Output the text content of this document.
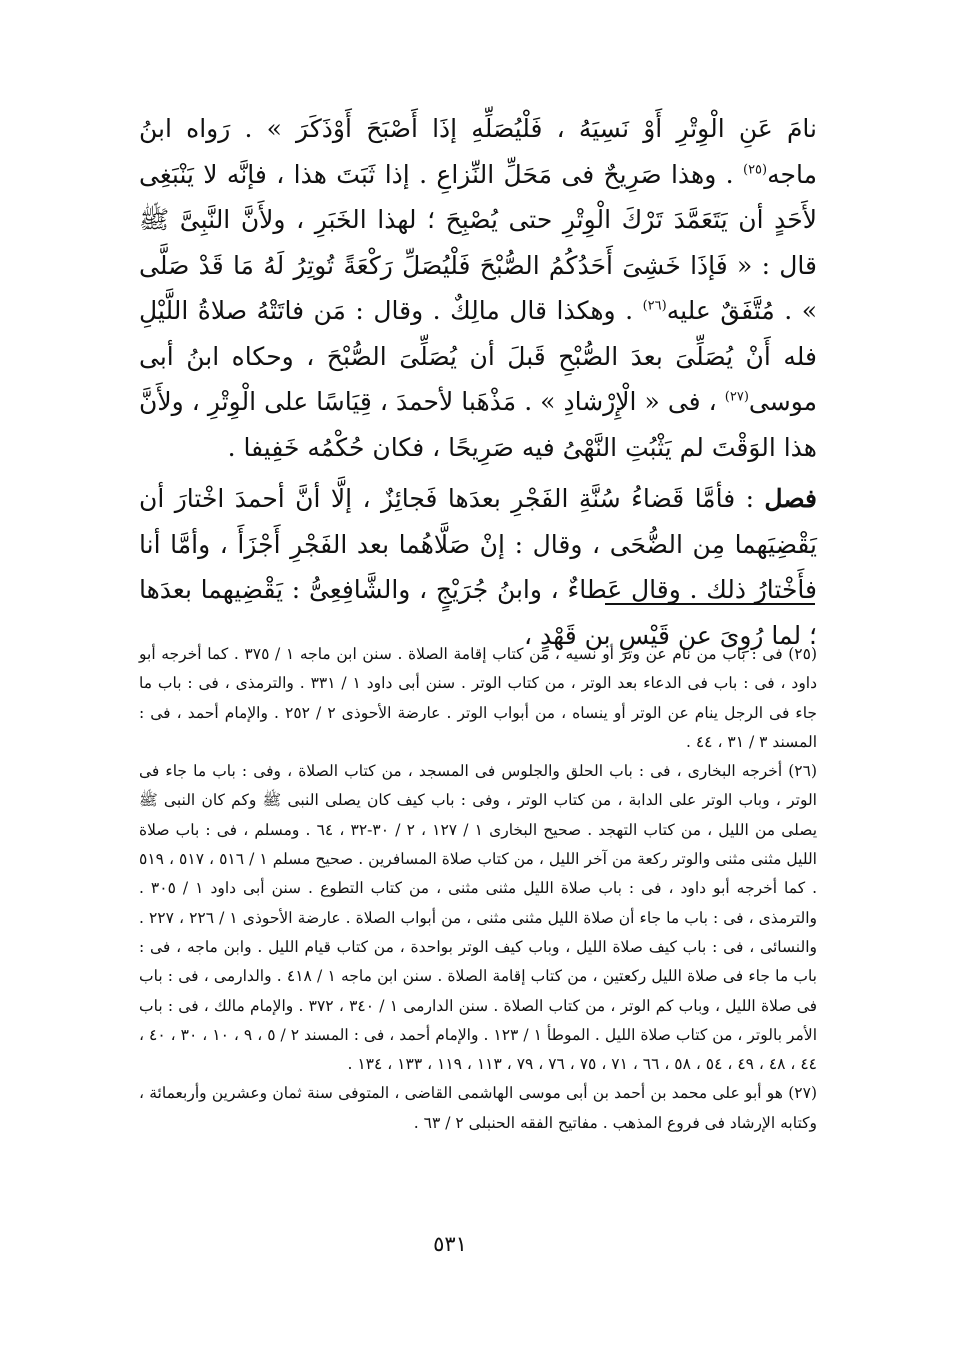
نامَ عَنِ الْوِتْرِ أَوْ نَسِيَهُ ، فَلْيُصَلِّهِ إذَا أَصْبَحَ أَوْذَكَرَ » . رَواه ابنُ ماجه$^{(٢٥)}$ . وهذا صَرِيحٌ فى مَحَلِّ النِّزاعِ . إذا ثَبَتَ هذا ، فإنَّه لا يَنْبَغِى لأَحَدٍ أن يَتَعَمَّدَ تَرْكَ الْوِتْرِ حتى يُصْبِحَ ؛ لهذا الخَبَرِ ، ولأَنَّ النَّبِىَّ ﷺ قال : « فَإذَا خَشِىَ أَحَدُكُمُ الصُّبْحَ فَلْيُصَلِّ رَكْعَةً تُوتِرُ لَهُ مَا قَدْ صَلَّى » . مُتَّفَقٌ عليه$^{(٢٦)}$ . وهكذا قال مالِكٌ . وقال : مَن فاتَتْهُ صلاةُ اللَّيْلِ فله أَنْ يُصَلِّىَ بعدَ الصُّبْحِ قَبلَ أن يُصَلِّىَ الصُّبْحَ ، وحكاه ابنُ أبى موسى$^{(٢٧)}$ ، فى « الْإِرْشادِ » . مَذْهَبا لأحمدَ ، قِيَاسًا على الْوِتْرِ ، ولأَنَّ هذا الوَقْتَ لم يَثْبُتِ النَّهْىُ فيه صَرِيحًا ، فكان حُكْمُه خَفِيفا .

فصل : فأمَّا قَضاءُ سُنَّةِ الفَجْرِ بعدَها فَجائِزٌ ، إلَّا أنَّ أحمدَ اخْتارَ أن يَقْضِيَهما مِن الضُّحَى ، وقال : إنْ صَلَّاهُما بعد الفَجْرِ أَجْزَأَ ، وأمَّا أنا فأَخْتارُ ذلك . وقال عَطاءٌ ، وابنُ جُرَيْجٍ ، والشَّافِعِىُّ : يَقْضِيهما بعدَها ؛ لما رُوِىَ عن قَيْسِ بن قَهْدٍ ،

(٢٥) فى : باب من نام عن وتر أو نسيه ، من كتاب إقامة الصلاة . سنن ابن ماجه ١ / ٣٧٥ . كما أخرجه أبو داود ، فى : باب فى الدعاء بعد الوتر ، من كتاب الوتر . سنن أبى داود ١ / ٣٣١ . والترمذى ، فى : باب ما جاء فى الرجل ينام عن الوتر أو ينساه ، من أبواب الوتر . عارضة الأحوذى ٢ / ٢٥٢ . والإمام أحمد ، فى : المسند ٣ / ٣١ ، ٤٤ .

(٢٦) أخرجه البخارى ، فى : باب الحلق والجلوس فى المسجد ، من كتاب الصلاة ، وفى : باب ما جاء فى الوتر ، وباب الوتر على الدابة ، من كتاب الوتر ، وفى : باب كيف كان يصلى النبى ﷺ وكم كان النبى ﷺ يصلى من الليل ، من كتاب التهجد . صحيح البخارى ١ / ١٢٧ ، ٢ / ٣٠-٣٢ ، ٦٤ . ومسلم ، فى : باب صلاة الليل مثنى مثنى والوتر ركعة من آخر الليل ، من كتاب صلاة المسافرين . صحيح مسلم ١ / ٥١٦ ، ٥١٧ ، ٥١٩ . كما أخرجه أبو داود ، فى : باب صلاة الليل مثنى مثنى ، من كتاب التطوع . سنن أبى داود ١ / ٣٠٥ . والترمذى ، فى : باب ما جاء أن صلاة الليل مثنى مثنى ، من أبواب الصلاة . عارضة الأحوذى ١ / ٢٢٦ ، ٢٢٧ . والنسائى ، فى : باب كيف صلاة الليل ، وباب كيف الوتر بواحدة ، من كتاب قيام الليل . وابن ماجه ، فى : باب ما جاء فى صلاة الليل ركعتين ، من كتاب إقامة الصلاة . سنن ابن ماجه ١ / ٤١٨ . والدارمى ، فى : باب فى صلاة الليل ، وباب كم الوتر ، من كتاب الصلاة . سنن الدارمى ١ / ٣٤٠ ، ٣٧٢ . والإمام مالك ، فى : باب الأمر بالوتر ، من كتاب صلاة الليل . الموطأ ١ / ١٢٣ . والإمام أحمد ، فى : المسند ٢ / ٥ ، ٩ ، ١٠ ، ٣٠ ، ٤٠ ، ٤٤ ، ٤٨ ، ٤٩ ، ٥٤ ، ٥٨ ، ٦٦ ، ٧١ ، ٧٥ ، ٧٦ ، ٧٩ ، ١١٣ ، ١١٩ ، ١٣٣ ، ١٣٤ .

(٢٧) هو أبو على محمد بن أحمد بن أبى موسى الهاشمى القاضى ، المتوفى سنة ثمان وعشرين وأربعمائة ، وكتابه الإرشاد فى فروع المذهب . مفاتيح الفقه الحنبلى ٢ / ٦٣ .

٥٣١
